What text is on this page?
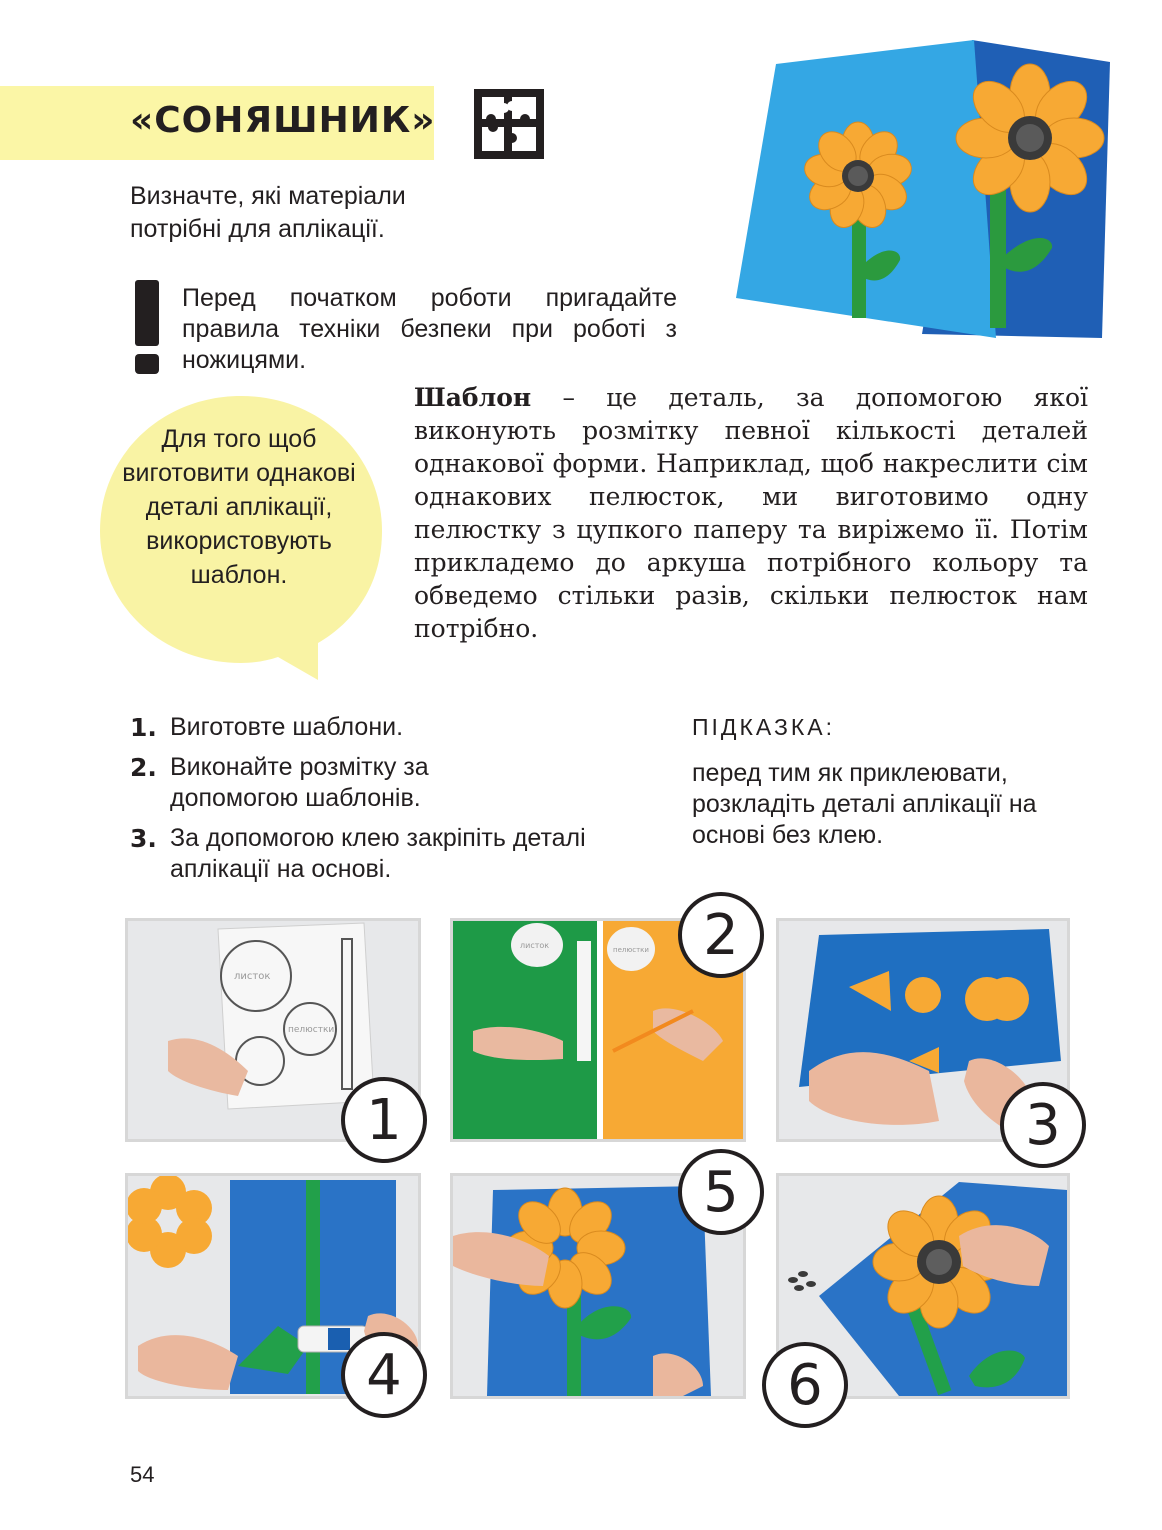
«СОНЯШНИК»
Визначте, які матеріали потрібні для аплікації.
Перед початком роботи пригадайте правила техніки безпеки при роботі з ножицями.
Для того щоб виготовити однакові деталі аплікації, використовують шаблон.
Шаблон – це деталь, за допомогою якої виконують розмітку певної кількості деталей однакової форми. Наприклад, щоб накреслити сім однакових пелюсток, ми виготовимо одну пелюстку з цупкого паперу та виріжемо її. Потім прикладемо до аркуша потрібного кольору та обведемо стільки разів, скільки пелюсток нам потрібно.
1. Виготовте шаблони.
2. Виконайте розмітку за допомогою шаблонів.
3. За допомогою клею закріпіть деталі аплікації на основі.
ПІДКАЗКА:
перед тим як приклеювати, розкладіть деталі аплікації на основі без клею.
листок
пелюстки
1
листок	пелюстки 2
3
4
5
6
54
